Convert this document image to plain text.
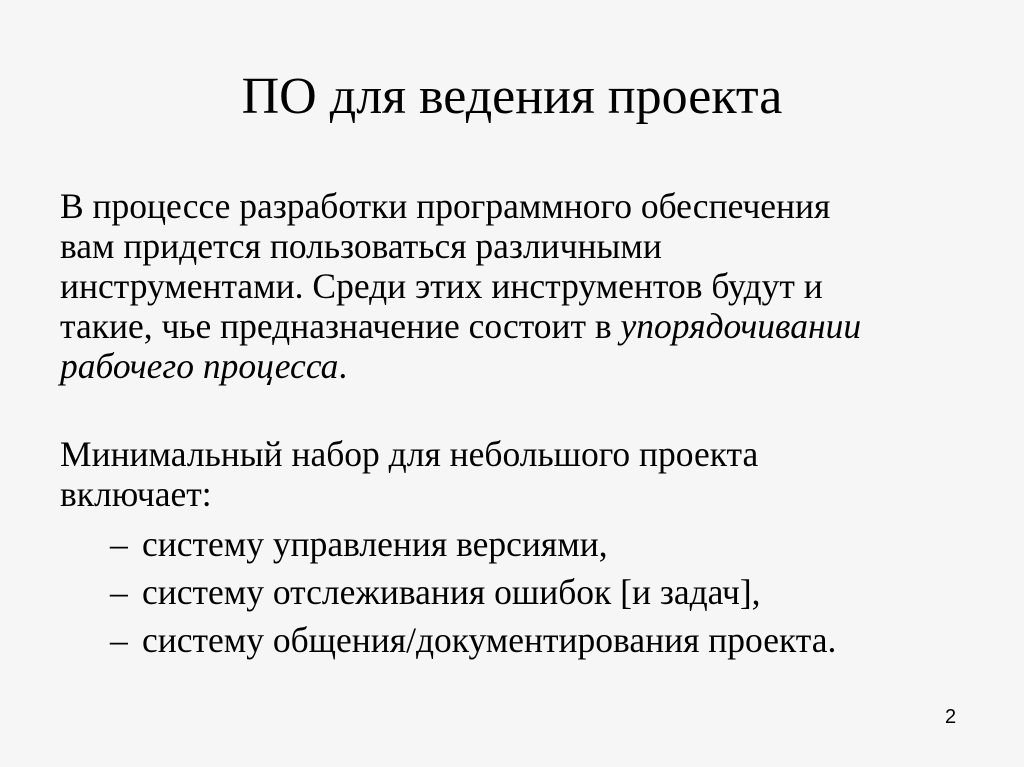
ПО для ведения проекта
В процессе разработки программного обеспечения
вам придется пользоваться различными
инструментами. Среди этих инструментов будут и
такие, чье предназначение состоит в упорядочивании
рабочего процесса.
Минимальный набор для небольшого проекта
включает:
– систему управления версиями,
– систему отслеживания ошибок [и задач],
– систему общения/документирования проекта.
2
